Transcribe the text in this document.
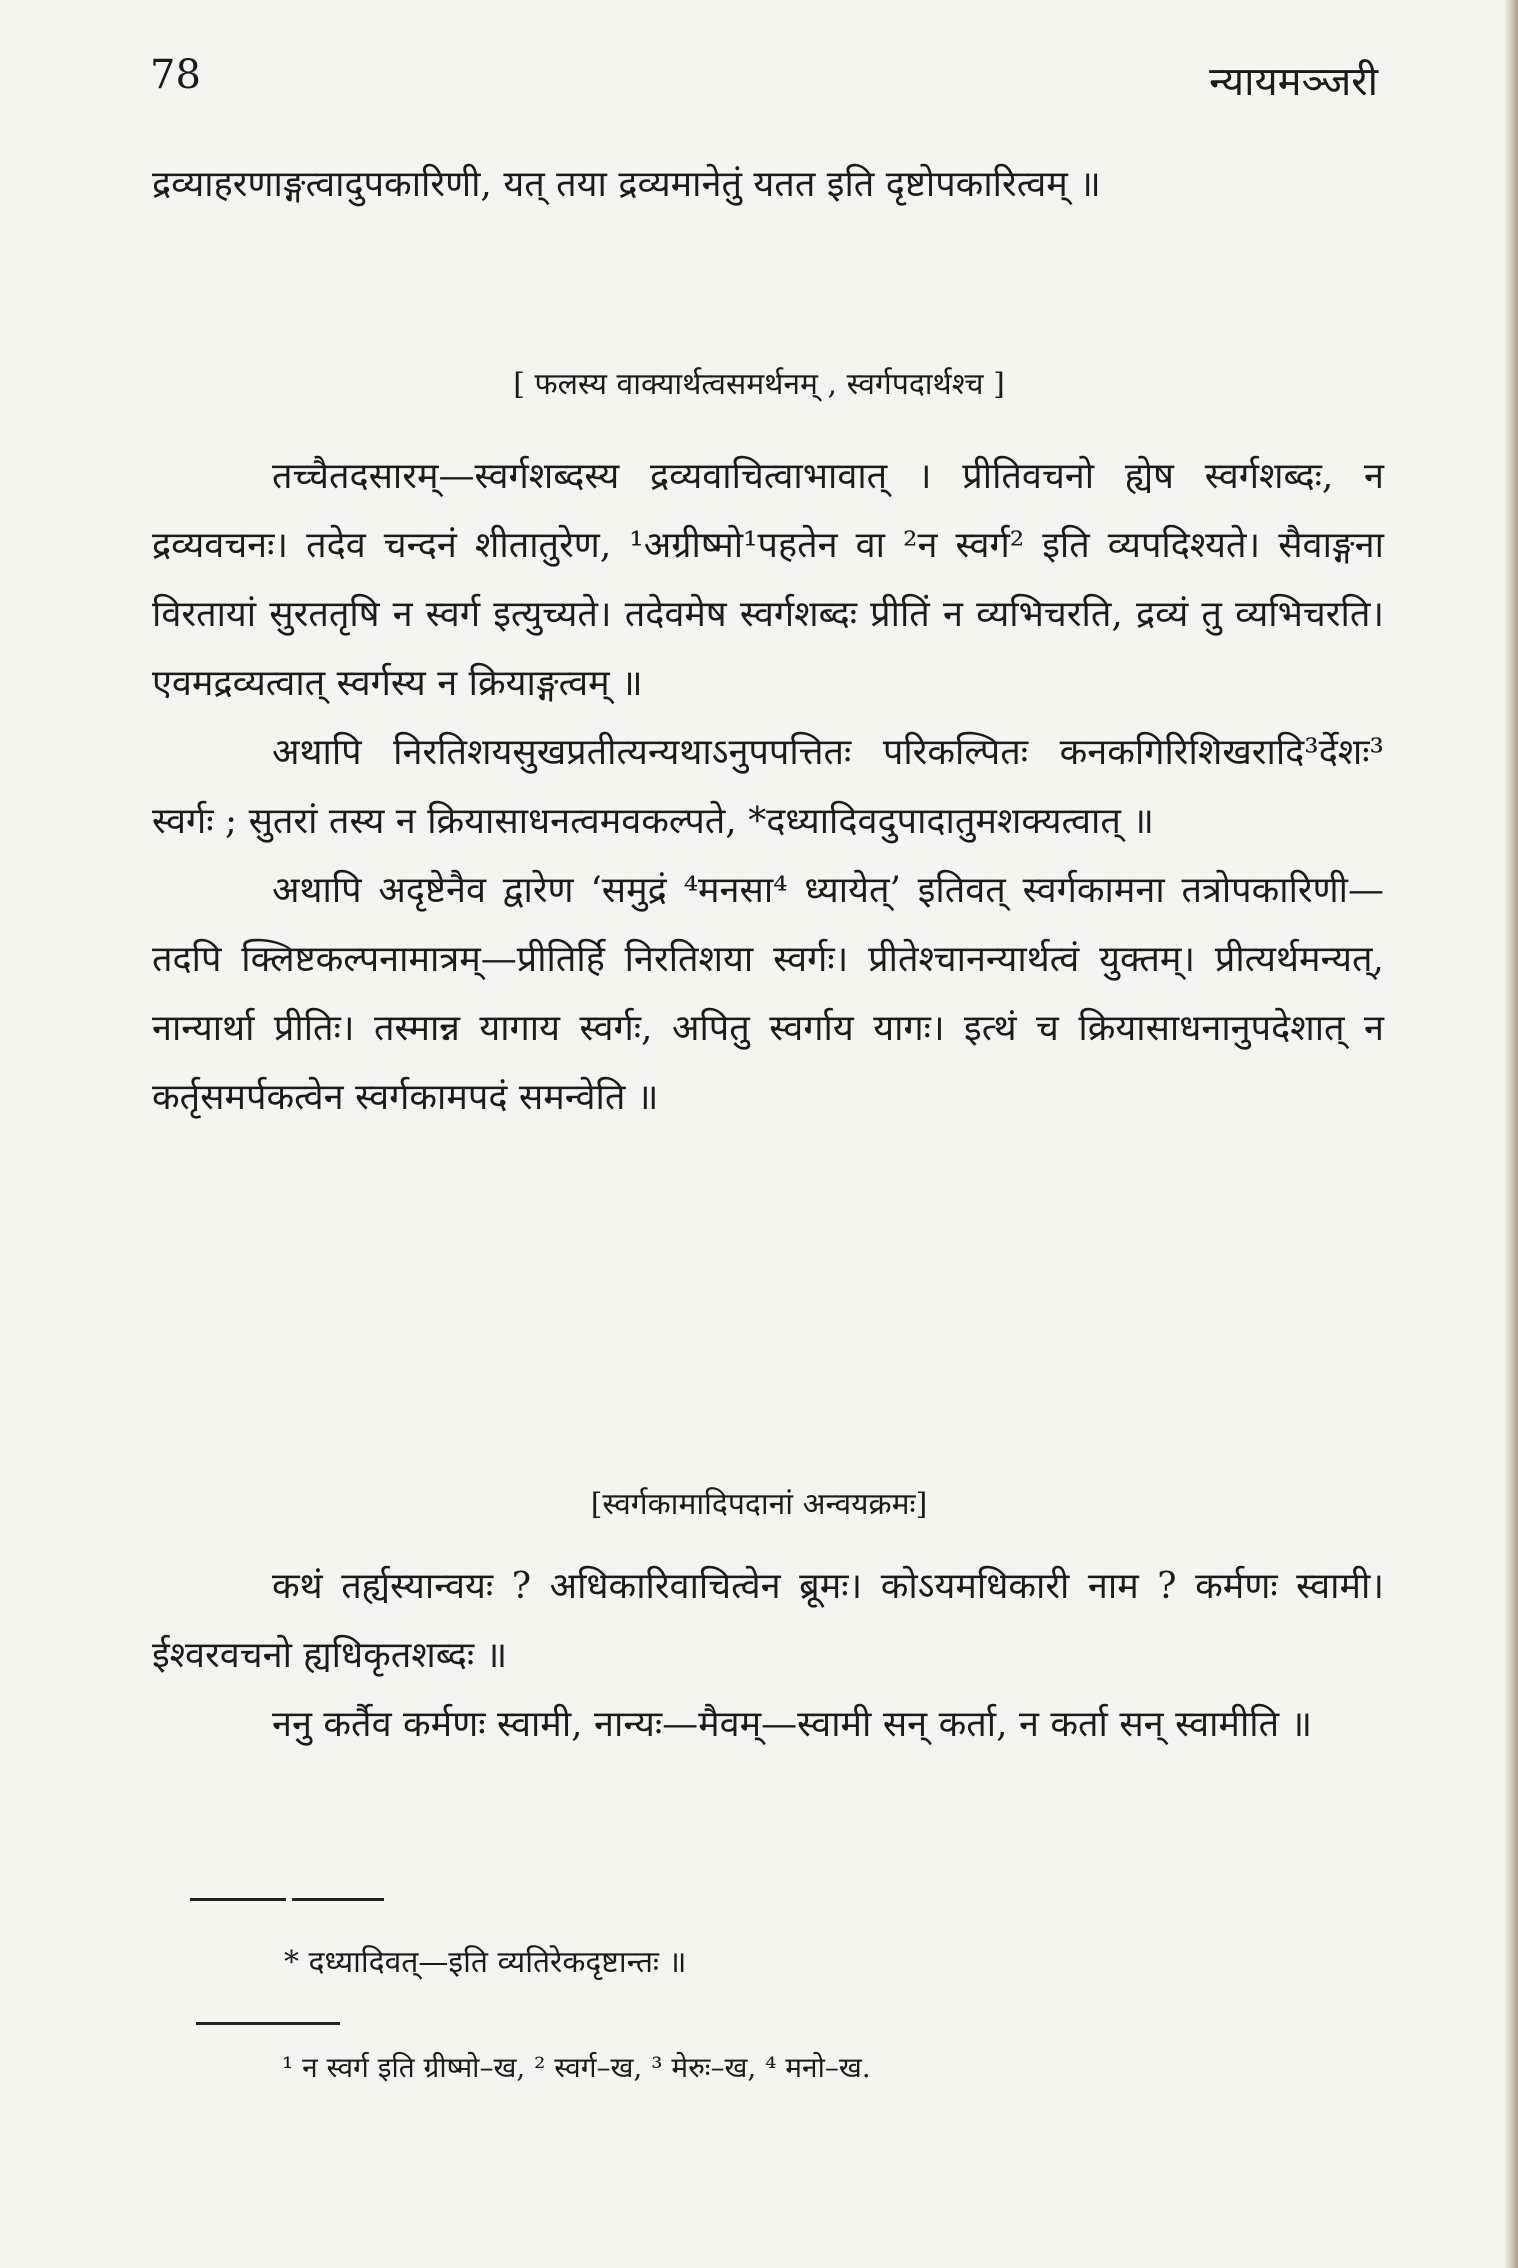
78	न्यायमञ्जरी

द्रव्याहरणाङ्गत्वादुपकारिणी, यत् तया द्रव्यमानेतुं यतत इति दृष्टोपकारित्वम् ॥

[ फलस्य वाक्यार्थत्वसमर्थनम् , स्वर्गपदार्थश्च ]

तच्चैतदसारम्—स्वर्गशब्दस्य द्रव्यवाचित्वाभावात् । प्रीतिवचनो ह्येष स्वर्गशब्दः, न द्रव्यवचनः। तदेव चन्दनं शीतातुरेण, ¹अग्रीष्मो¹पहतेन वा ²न स्वर्ग² इति व्यपदिश्यते। सैवाङ्गना विरतायां सुरततृषि न स्वर्ग इत्युच्यते। तदेवमेष स्वर्गशब्दः प्रीतिं न व्यभिचरति, द्रव्यं तु व्यभिचरति। एवमद्रव्यत्वात् स्वर्गस्य न क्रियाङ्गत्वम् ॥

अथापि निरतिशयसुखप्रतीत्यन्यथाऽनुपपत्तितः परिकल्पितः कनकगिरिशिखरादि³र्देशः³ स्वर्गः ; सुतरां तस्य न क्रियासाधनत्वमवकल्पते, *दध्यादिवदुपादातुमशक्यत्वात् ॥

अथापि अदृष्टेनैव द्वारेण ‘समुद्रं ⁴मनसा⁴ ध्यायेत्’ इतिवत् स्वर्गकामना तत्रोपकारिणी—तदपि क्लिष्टकल्पनामात्रम्—प्रीतिर्हि निरतिशया स्वर्गः। प्रीतेश्चानन्यार्थत्वं युक्तम्। प्रीत्यर्थमन्यत्, नान्यार्था प्रीतिः। तस्मान्न यागाय स्वर्गः, अपितु स्वर्गाय यागः। इत्थं च क्रियासाधनानुपदेशात् न कर्तृसमर्पकत्वेन स्वर्गकामपदं समन्वेति ॥

[स्वर्गकामादिपदानां अन्वयक्रमः]

कथं तर्ह्यस्यान्वयः ? अधिकारिवाचित्वेन ब्रूमः। कोऽयमधिकारी नाम ? कर्मणः स्वामी। ईश्वरवचनो ह्यधिकृतशब्दः ॥

ननु कर्तैव कर्मणः स्वामी, नान्यः—मैवम्—स्वामी सन् कर्ता, न कर्ता सन् स्वामीति ॥

* दध्यादिवत्—इति व्यतिरेकदृष्टान्तः ॥
¹ न स्वर्ग इति ग्रीष्मो–ख, ² स्वर्ग–ख, ³ मेरुः–ख, ⁴ मनो–ख.
